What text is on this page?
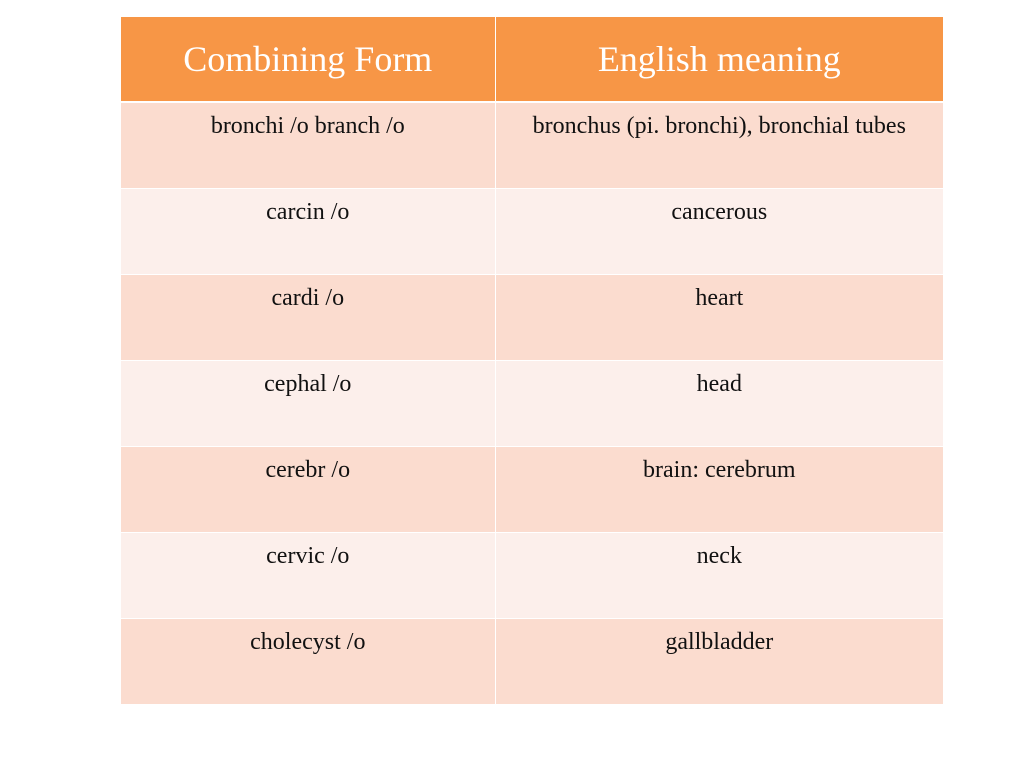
Combining Form	English meaning
bronchi /o branch /o	bronchus (pi. bronchi), bronchial tubes
carcin /o	cancerous
cardi /o	heart
cephal /o	head
cerebr /o	brain: cerebrum
cervic /o	neck
cholecyst /o	gallbladder
